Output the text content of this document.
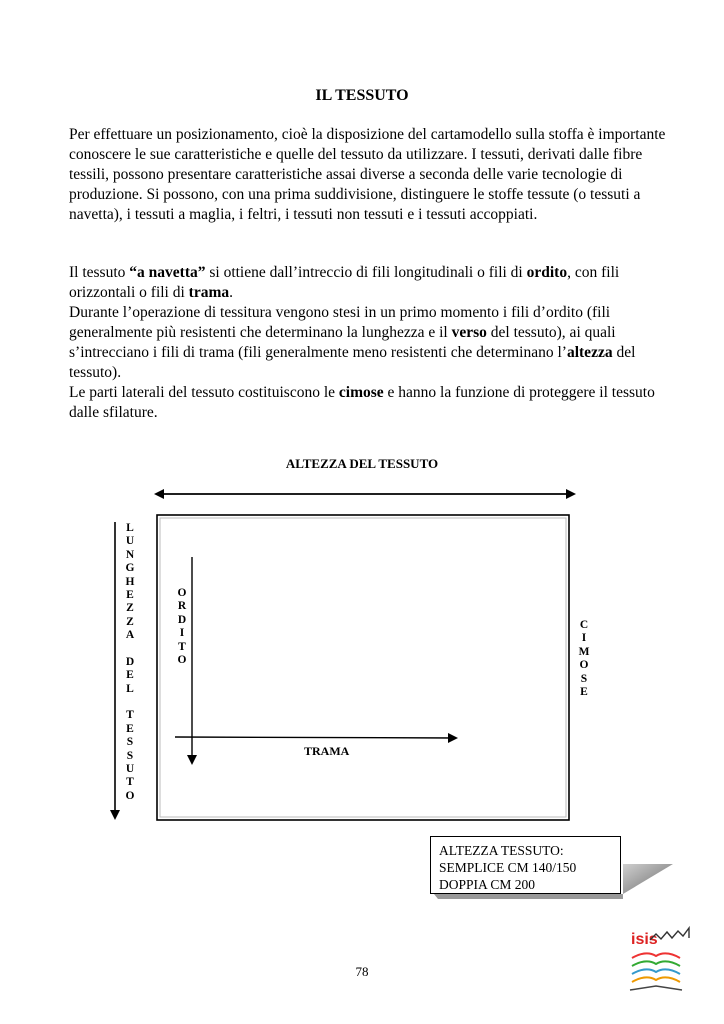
IL TESSUTO

Per effettuare un posizionamento, cioè la disposizione del cartamodello sulla stoffa è importante conoscere le sue caratteristiche e quelle del tessuto da utilizzare. I tessuti, derivati dalle fibre tessili, possono presentare caratteristiche assai diverse a seconda delle varie tecnologie di produzione. Si possono, con una prima suddivisione, distinguere le stoffe tessute (o tessuti a navetta), i tessuti a maglia, i feltri, i tessuti non tessuti e i tessuti accoppiati.

Il tessuto “a navetta” si ottiene dall’intreccio di fili longitudinali o fili di ordito, con fili orizzontali o fili di trama.

Durante l’operazione di tessitura vengono stesi in un primo momento i fili d’ordito (fili generalmente più resistenti che determinano la lunghezza e il verso del tessuto), ai quali s’intrecciano i fili di trama (fili generalmente meno resistenti che determinano l’altezza del tessuto).

Le parti laterali del tessuto costituiscono le cimose e hanno la funzione di proteggere il tessuto dalle sfilature.

ALTEZZA DEL TESSUTO
L
U
N
G
H
E
Z
Z
A
D
E
L
T
E
S
S
U
T
O
O
R
D
I
T
O
C
I
M
O
S
E
TRAMA
ALTEZZA TESSUTO:
SEMPLICE CM 140/150
DOPPIA CM 200
78
isis
